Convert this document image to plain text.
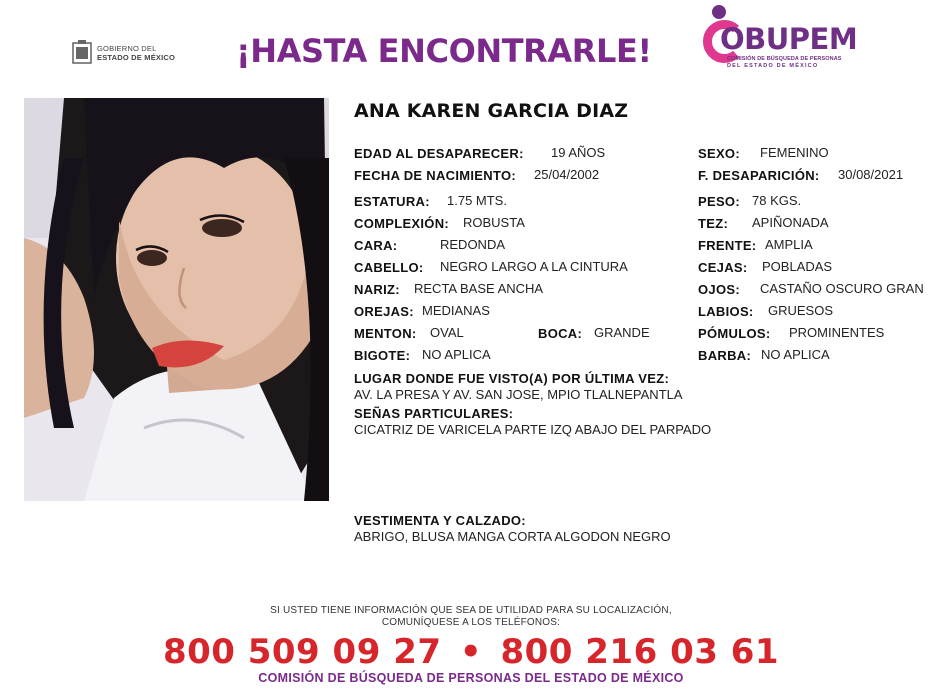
GOBIERNO DEL
ESTADO DE MÉXICO ¡HASTA ENCONTRARLE! OBUPEM
COMISIÓN DE BÚSQUEDA DE PERSONAS
DEL ESTADO DE MÉXICO
ANA KAREN GARCIA DIAZ
EDAD AL DESAPARECER: 19 AÑOS
FECHA DE NACIMIENTO: 25/04/2002
ESTATURA: 1.75 MTS.
COMPLEXIÓN: ROBUSTA
CARA:	REDONDA
CABELLO: NEGRO LARGO A LA CINTURA
NARIZ: RECTA BASE ANCHA
OREJAS: MEDIANAS
MENTON: OVAL	BOCA: GRANDE
BIGOTE: NO APLICA
SEXO: FEMENINO
F. DESAPARICIÓN: 30/08/2021
PESO: 78 KGS.
TEZ: APIÑONADA
FRENTE: AMPLIA
CEJAS: POBLADAS
OJOS: CASTAÑO OSCURO GRAN
LABIOS: GRUESOS
PÓMULOS: PROMINENTES
BARBA: NO APLICA
LUGAR DONDE FUE VISTO(A) POR ÚLTIMA VEZ:
AV. LA PRESA Y AV. SAN JOSE, MPIO TLALNEPANTLA
SEÑAS PARTICULARES:
CICATRIZ DE VARICELA PARTE IZQ ABAJO DEL PARPADO
VESTIMENTA Y CALZADO:
ABRIGO, BLUSA MANGA CORTA ALGODON NEGRO
SI USTED TIENE INFORMACIÓN QUE SEA DE UTILIDAD PARA SU LOCALIZACIÓN,
COMUNÍQUESE A LOS TELÉFONOS:
800 509 09 27 • 800 216 03 61
COMISIÓN DE BÚSQUEDA DE PERSONAS DEL ESTADO DE MÉXICO
